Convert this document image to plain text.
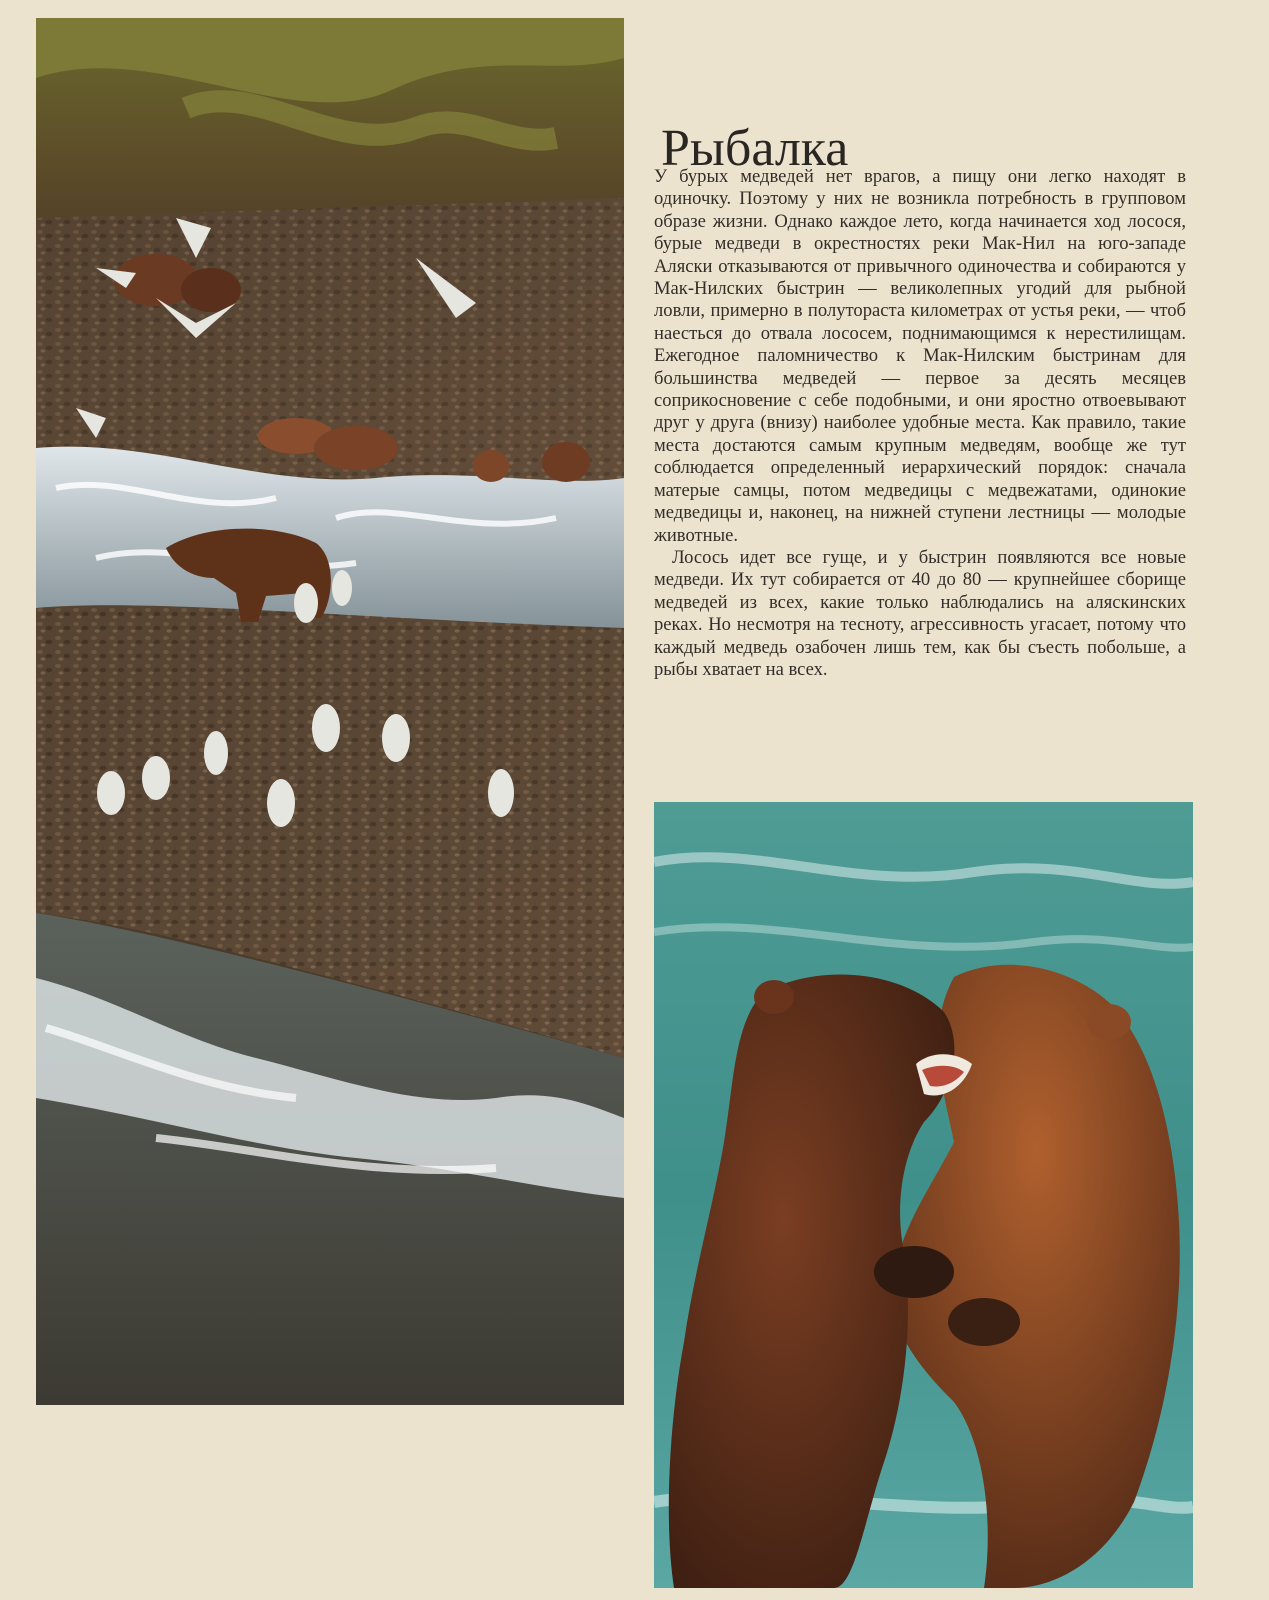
Рыбалка

У бурых медведей нет врагов, а пищу они легко находят в одиночку. Поэтому у них не возникла потребность в групповом образе жизни. Однако каждое лето, когда начинается ход лосося, бурые медведи в окрестностях реки Мак-Нил на юго-западе Аляски отказываются от привычного одиночества и собираются у Мак-Нилских быстрин — великолепных угодий для рыбной ловли, примерно в полутораста километрах от устья реки, — чтоб наесться до отвала лососем, поднимающимся к нерестилищам. Ежегодное паломничество к Мак-Нилским быстринам для большинства медведей — первое за десять месяцев соприкосновение с себе подобными, и они яростно отвоевывают друг у друга (внизу) наиболее удобные места. Как правило, такие места достаются самым крупным медведям, вообще же тут соблюдается определенный иерархический порядок: сначала матерые самцы, потом медведицы с медвежатами, одинокие медведицы и, наконец, на нижней ступени лестницы — молодые животные.

Лосось идет все гуще, и у быстрин появляются все новые медведи. Их тут собирается от 40 до 80 — крупнейшее сборище медведей из всех, какие только наблюдались на аляскинских реках. Но несмотря на тесноту, агрессивность угасает, потому что каждый медведь озабочен лишь тем, как бы съесть побольше, а рыбы хватает на всех.
